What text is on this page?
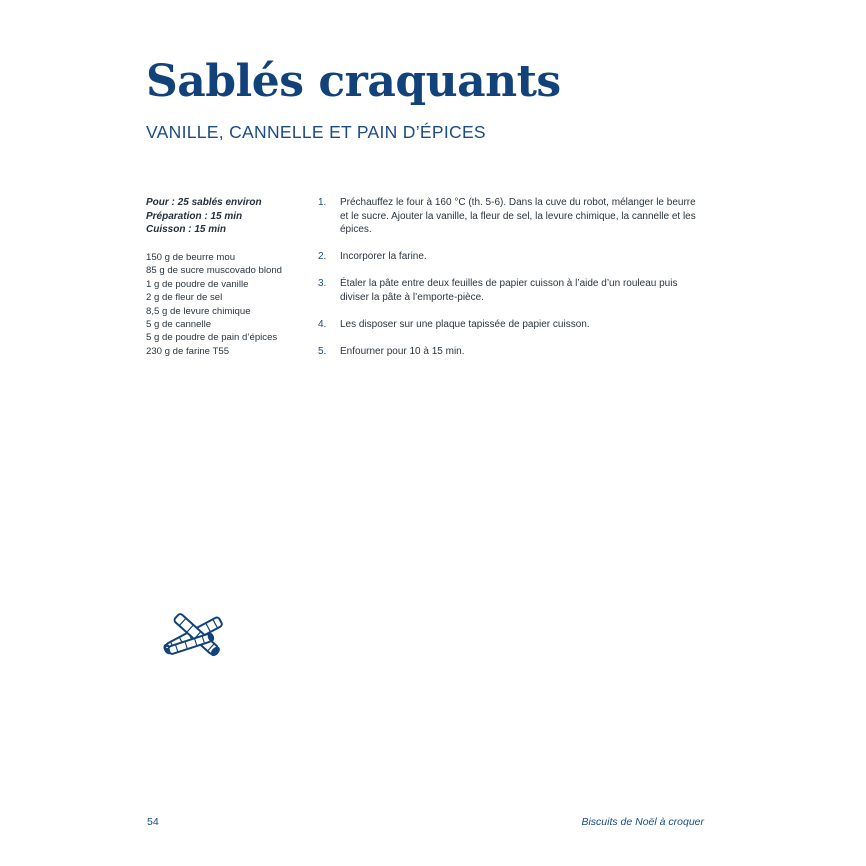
Sablés craquants
VANILLE, CANNELLE ET PAIN D’ÉPICES
Pour : 25 sablés environ
Préparation : 15 min
Cuisson : 15 min
150 g de beurre mou
85 g de sucre muscovado blond
1 g de poudre de vanille
2 g de fleur de sel
8,5 g de levure chimique
5 g de cannelle
5 g de poudre de pain d’épices
230 g de farine T55
1. Préchauffez le four à 160 °C (th. 5-6). Dans la cuve du robot, mélanger le beurre et le sucre. Ajouter la vanille, la fleur de sel, la levure chimique, la cannelle et les épices.
2. Incorporer la farine.
3. Étaler la pâte entre deux feuilles de papier cuisson à l’aide d’un rouleau puis diviser la pâte à l’emporte-pièce.
4. Les disposer sur une plaque tapissée de papier cuisson.
5. Enfourner pour 10 à 15 min.
54	Biscuits de Noël à croquer
